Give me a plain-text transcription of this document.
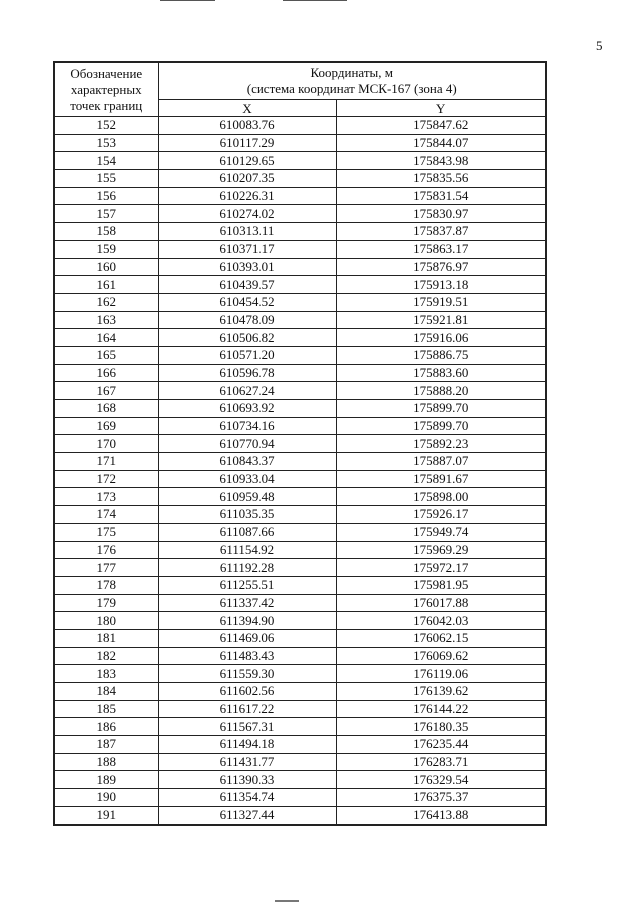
5
Обозначение
характерных
точек границ	Координаты, м
(система координат МСК-167 (зона 4)	

	X	Y
152	610083.76	175847.62
153	610117.29	175844.07
154	610129.65	175843.98
155	610207.35	175835.56
156	610226.31	175831.54
157	610274.02	175830.97
158	610313.11	175837.87
159	610371.17	175863.17
160	610393.01	175876.97
161	610439.57	175913.18
162	610454.52	175919.51
163	610478.09	175921.81
164	610506.82	175916.06
165	610571.20	175886.75
166	610596.78	175883.60
167	610627.24	175888.20
168	610693.92	175899.70
169	610734.16	175899.70
170	610770.94	175892.23
171	610843.37	175887.07
172	610933.04	175891.67
173	610959.48	175898.00
174	611035.35	175926.17
175	611087.66	175949.74
176	611154.92	175969.29
177	611192.28	175972.17
178	611255.51	175981.95
179	611337.42	176017.88
180	611394.90	176042.03
181	611469.06	176062.15
182	611483.43	176069.62
183	611559.30	176119.06
184	611602.56	176139.62
185	611617.22	176144.22
186	611567.31	176180.35
187	611494.18	176235.44
188	611431.77	176283.71
189	611390.33	176329.54
190	611354.74	176375.37
191	611327.44	176413.88
